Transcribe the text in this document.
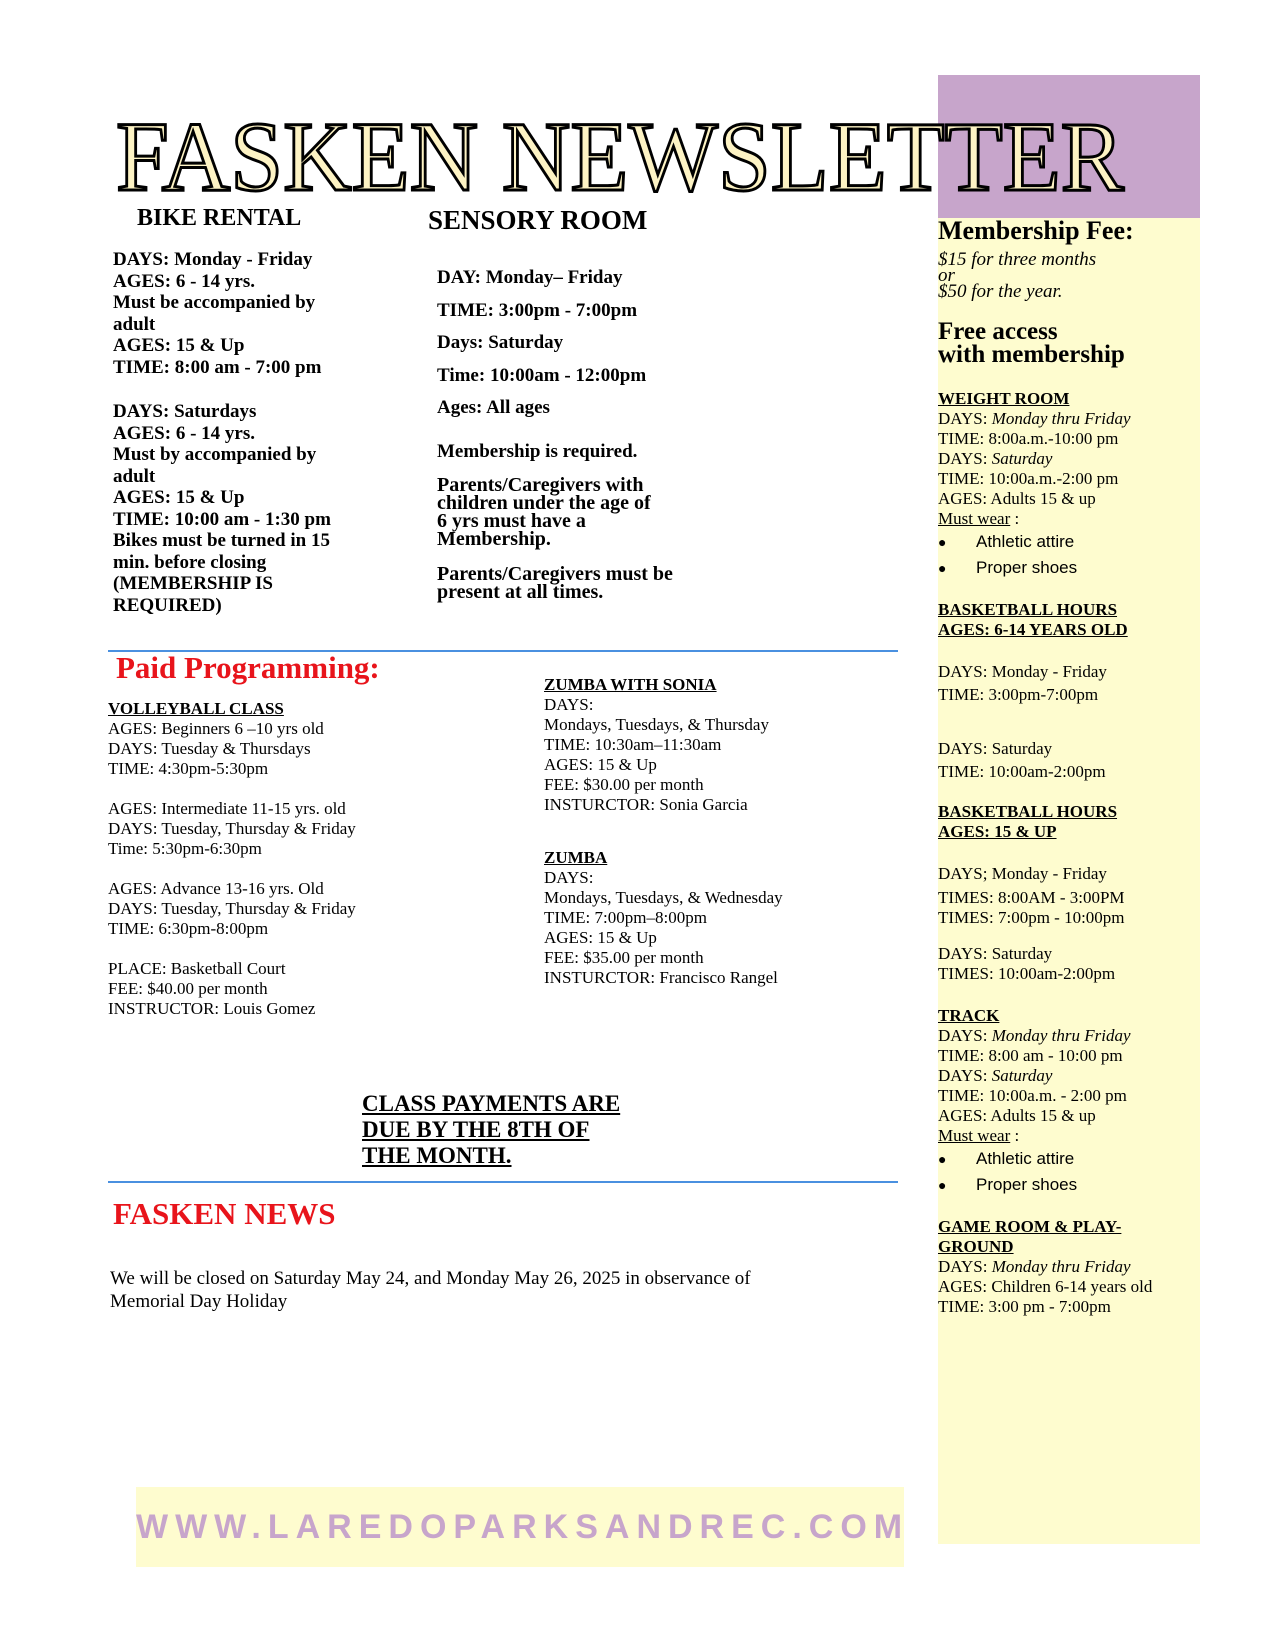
FASKEN NEWSLETTER
BIKE RENTAL
DAYS: Monday - Friday
AGES: 6 - 14 yrs.
Must be accompanied by
adult
AGES: 15 & Up
TIME: 8:00 am - 7:00 pm
DAYS: Saturdays
AGES: 6 - 14 yrs.
Must by accompanied by
adult
AGES: 15 & Up
TIME: 10:00 am - 1:30 pm
Bikes must be turned in 15
min. before closing
(MEMBERSHIP IS
REQUIRED)
SENSORY ROOM
DAY: Monday– Friday
TIME: 3:00pm - 7:00pm
Days: Saturday
Time: 10:00am - 12:00pm
Ages: All ages
Membership is required.
Parents/Caregivers with
children under the age of
6 yrs must have a
Membership.
Parents/Caregivers must be
present at all times.
Paid Programming:
VOLLEYBALL CLASS
AGES: Beginners 6 –10 yrs old
DAYS: Tuesday & Thursdays
TIME: 4:30pm-5:30pm

AGES: Intermediate 11-15 yrs. old
DAYS: Tuesday, Thursday & Friday
Time: 5:30pm-6:30pm

AGES: Advance 13-16 yrs. Old
DAYS: Tuesday, Thursday & Friday
TIME: 6:30pm-8:00pm

PLACE: Basketball Court
FEE: $40.00 per month
INSTRUCTOR: Louis Gomez
ZUMBA WITH SONIA
DAYS:
Mondays, Tuesdays, & Thursday
TIME: 10:30am–11:30am
AGES: 15 & Up
FEE: $30.00 per month
INSTURCTOR: Sonia Garcia
ZUMBA
DAYS:
Mondays, Tuesdays, & Wednesday
TIME: 7:00pm–8:00pm
AGES: 15 & Up
FEE: $35.00 per month
INSTURCTOR: Francisco Rangel
CLASS PAYMENTS ARE
DUE BY THE 8TH OF
THE MONTH.
FASKEN NEWS
We will be closed on Saturday May 24, and Monday May 26, 2025 in observance of
Memorial Day Holiday
Membership Fee:
$15 for three months
or
$50 for the year.
Free access
with membership
WEIGHT ROOM
DAYS: Monday thru Friday
TIME: 8:00a.m.-10:00 pm
DAYS: Saturday
TIME: 10:00a.m.-2:00 pm
AGES: Adults 15 & up
Must wear :
●	Athletic attire
●	Proper shoes
BASKETBALL HOURS
AGES: 6-14 YEARS OLD
DAYS: Monday - Friday
TIME: 3:00pm-7:00pm
DAYS: Saturday
TIME: 10:00am-2:00pm
BASKETBALL HOURS
AGES: 15 & UP
DAYS; Monday - Friday
TIMES: 8:00AM - 3:00PM
TIMES: 7:00pm - 10:00pm
DAYS: Saturday
TIMES: 10:00am-2:00pm
TRACK
DAYS: Monday thru Friday
TIME: 8:00 am - 10:00 pm
DAYS: Saturday
TIME: 10:00a.m. - 2:00 pm
AGES: Adults 15 & up
Must wear :
●	Athletic attire
●	Proper shoes
GAME ROOM & PLAY-
GROUND
DAYS: Monday thru Friday
AGES: Children 6-14 years old
TIME: 3:00 pm - 7:00pm
WWW.LAREDOPARKSANDREC.COM
